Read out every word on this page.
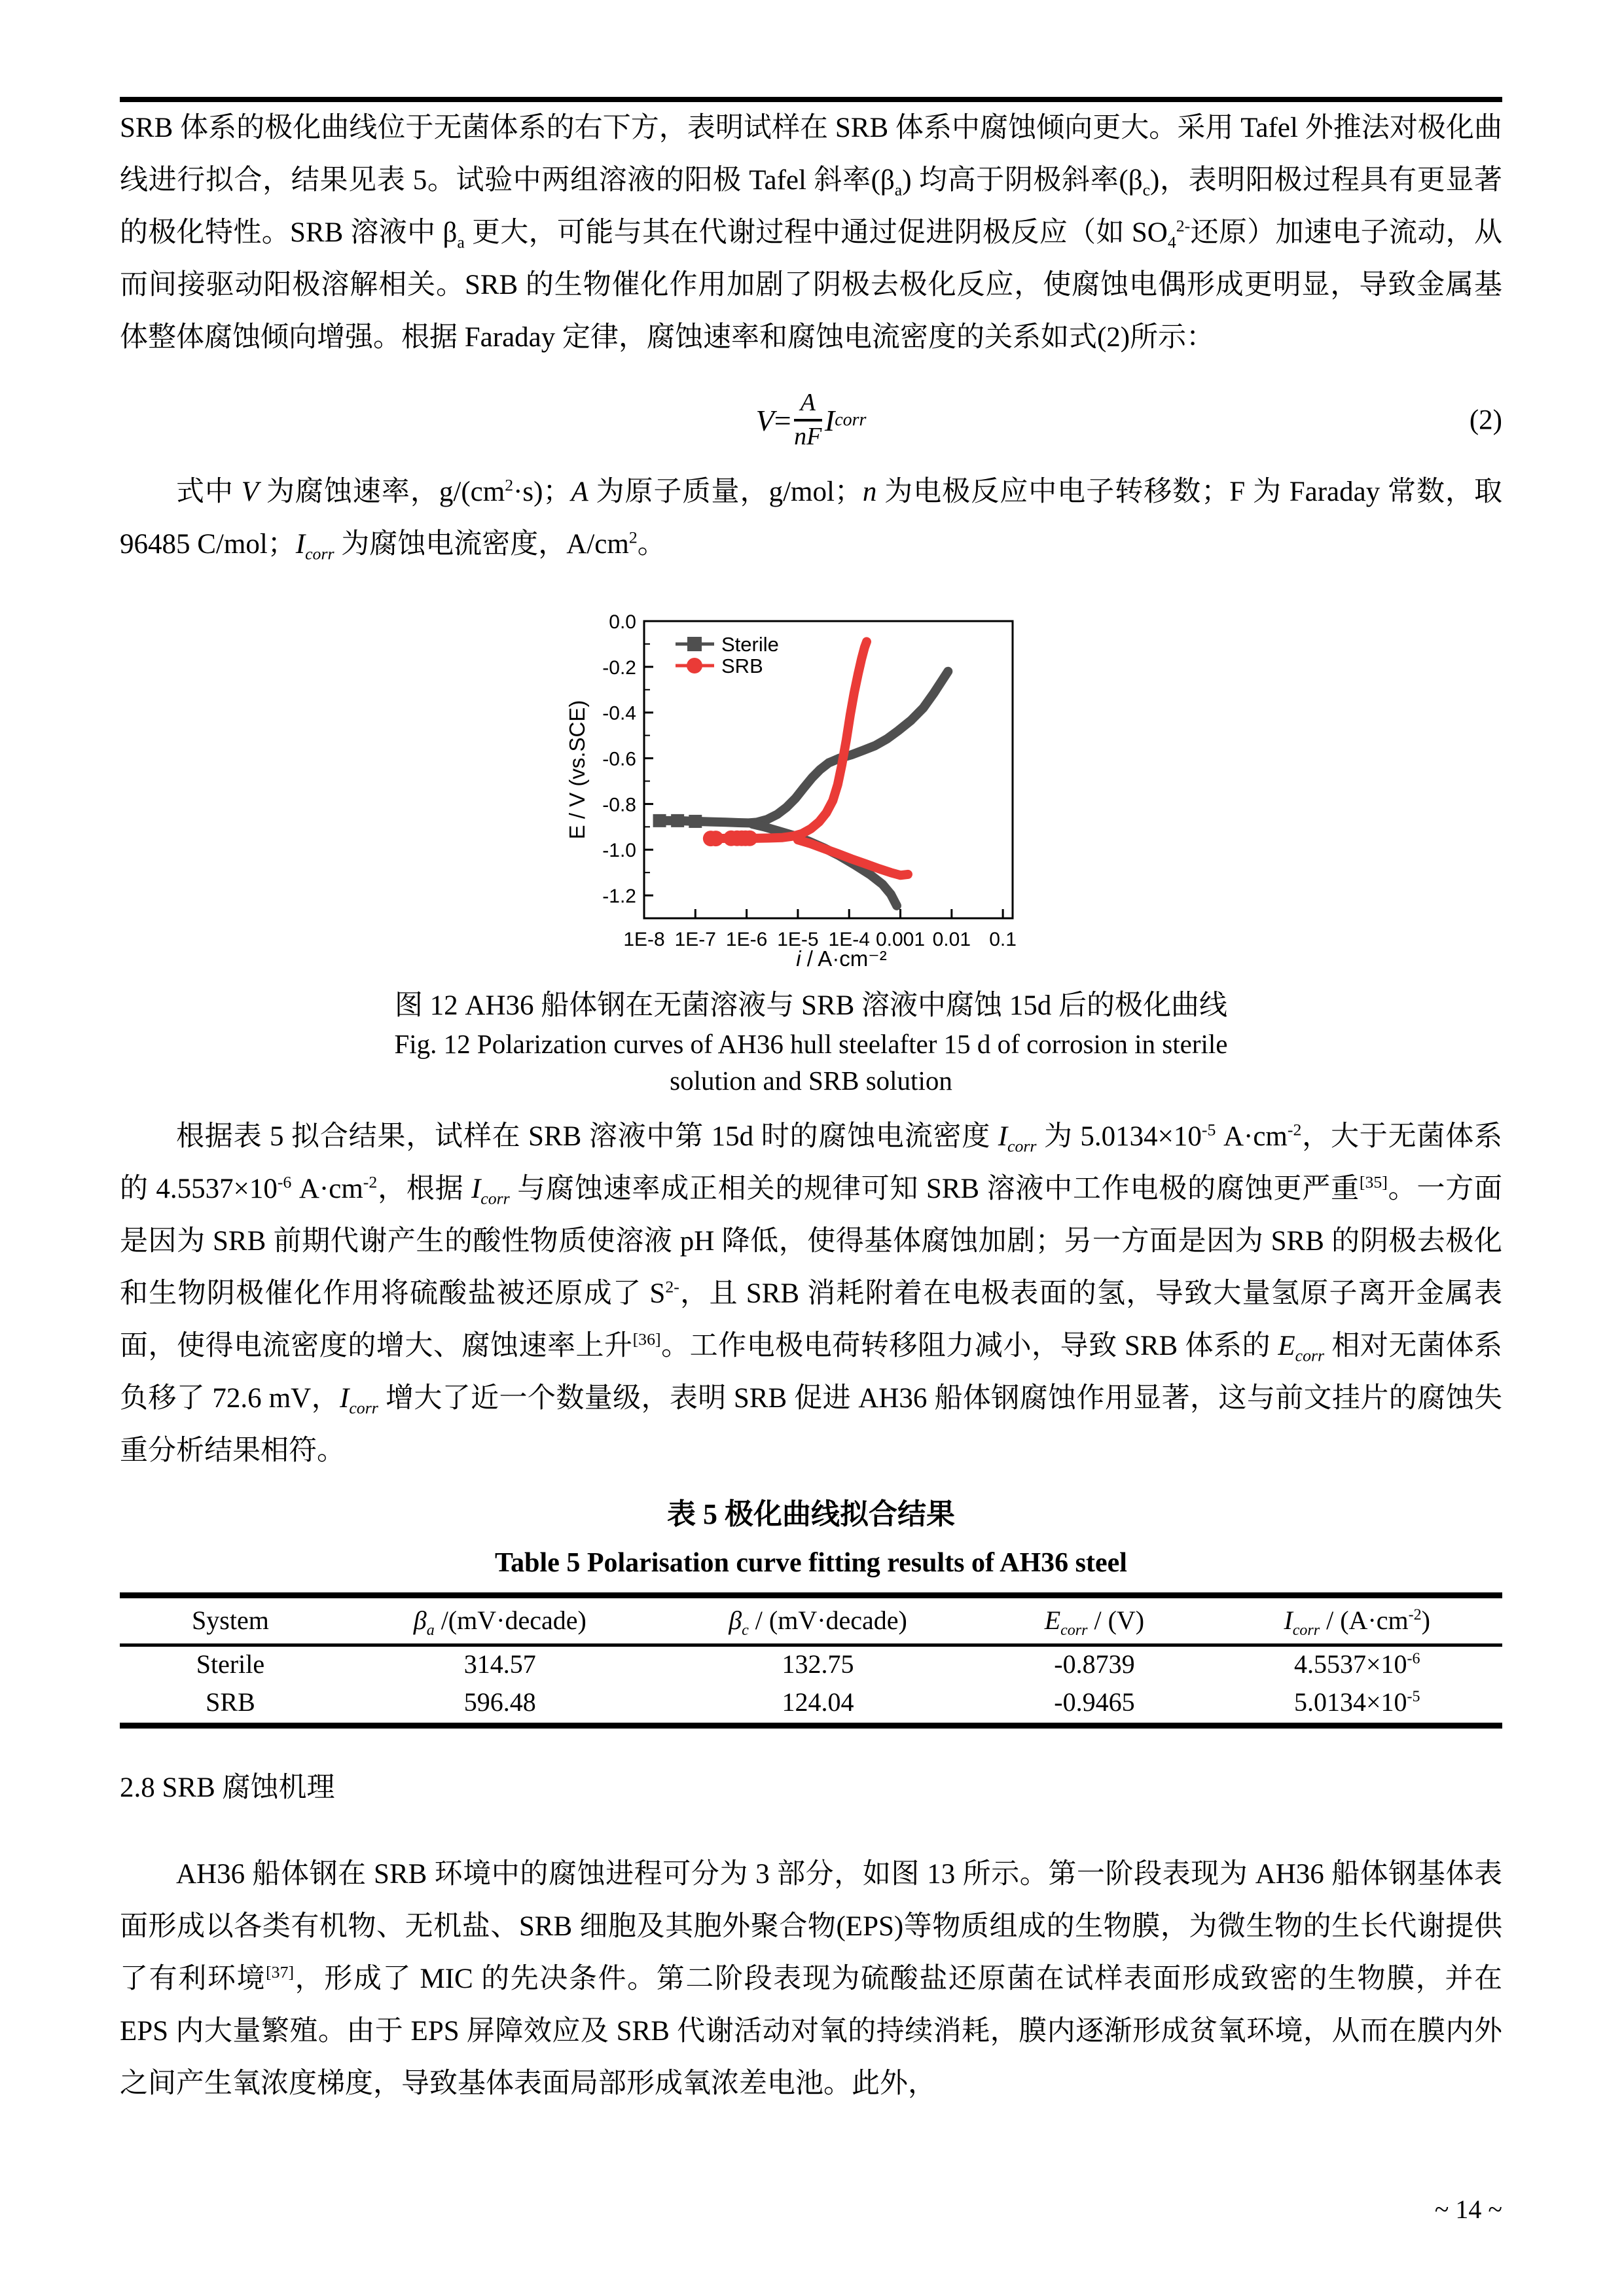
SRB 体系的极化曲线位于无菌体系的右下方，表明试样在 SRB 体系中腐蚀倾向更大。采用 Tafel 外推法对极化曲线进行拟合，结果见表 5。试验中两组溶液的阳极 Tafel 斜率$(\beta_a)$ 均高于阴极斜率$(\beta_c)$，表明阳极过程具有更显著的极化特性。SRB 溶液中 $\beta_a$ 更大，可能与其在代谢过程中通过促进阴极反应（如 $SO_4^{2-}$还原）加速电子流动，从而间接驱动阳极溶解相关。SRB 的生物催化作用加剧了阴极去极化反应，使腐蚀电偶形成更明显，导致金属基体整体腐蚀倾向增强。根据 Faraday 定律，腐蚀速率和腐蚀电流密度的关系如式(2)所示：

$V = \frac{A}{nF}$ I corr	(2)

式中 V 为腐蚀速率，$g/(cm^2\cdot s)$；A 为原子质量，g/mol；n 为电极反应中电子转移数；F 为 Faraday 常数，取 96485 C/mol；$I_{corr}$ 为腐蚀电流密度，$A/cm^2$。

1E-8 1E-7 1E-6 1E-5 1E-4 0.001 0.01 0.1
0.0
-0.2
-0.4
-0.6
-0.8
-1.0
-1.2
E / V (vs.SCE)
i / A·cm⁻²
Sterile
SRB

图 12 AH36 船体钢在无菌溶液与 SRB 溶液中腐蚀 15d 后的极化曲线

Fig. 12 Polarization curves of AH36 hull steelafter 15 d of corrosion in sterile

solution and SRB solution

根据表 5 拟合结果，试样在 SRB 溶液中第 15d 时的腐蚀电流密度 $I_{corr}$ 为 $5.0134\times 10^{-5}$ $A\cdot cm^{-2}$，大于无菌体系的 $4.5537\times 10^{-6}$ $A\cdot cm^{-2}$，根据 $I_{corr}$ 与腐蚀速率成正相关的规律可知 SRB 溶液中工作电极的腐蚀更严重[35]。一方面是因为 SRB 前期代谢产生的酸性物质使溶液 pH 降低，使得基体腐蚀加剧；另一方面是因为 SRB 的阴极去极化和生物阴极催化作用将硫酸盐被还原成了 $S^{2-}$，且 SRB 消耗附着在电极表面的氢，导致大量氢原子离开金属表面，使得电流密度的增大、腐蚀速率上升[36]。工作电极电荷转移阻力减小，导致 SRB 体系的 $E_{corr}$ 相对无菌体系负移了 72.6 mV，$I_{corr}$ 增大了近一个数量级，表明 SRB 促进 AH36 船体钢腐蚀作用显著，这与前文挂片的腐蚀失重分析结果相符。

表 5 极化曲线拟合结果

Table 5 Polarisation curve fitting results of AH36 steel

System	$\beta_a$ /(mV·decade)	$\beta_c$ / (mV·decade)	$E_{corr} / (V)$	$I_{corr} / (A\cdot cm^{-2})$
Sterile	314.57	132.75	-0.8739	$4.5537\times 10^{-6}$
SRB	596.48	124.04	-0.9465	$5.0134\times 10^{-5}$
2.8 SRB 腐蚀机理

AH36 船体钢在 SRB 环境中的腐蚀进程可分为 3 部分，如图 13 所示。第一阶段表现为 AH36 船体钢基体表面形成以各类有机物、无机盐、SRB 细胞及其胞外聚合物(EPS)等物质组成的生物膜，为微生物的生长代谢提供了有利环境[37]，形成了 MIC 的先决条件。第二阶段表现为硫酸盐还原菌在试样表面形成致密的生物膜，并在 EPS 内大量繁殖。由于 EPS 屏障效应及 SRB 代谢活动对氧的持续消耗，膜内逐渐形成贫氧环境，从而在膜内外之间产生氧浓度梯度，导致基体表面局部形成氧浓差电池。此外，

~ 14 ~
